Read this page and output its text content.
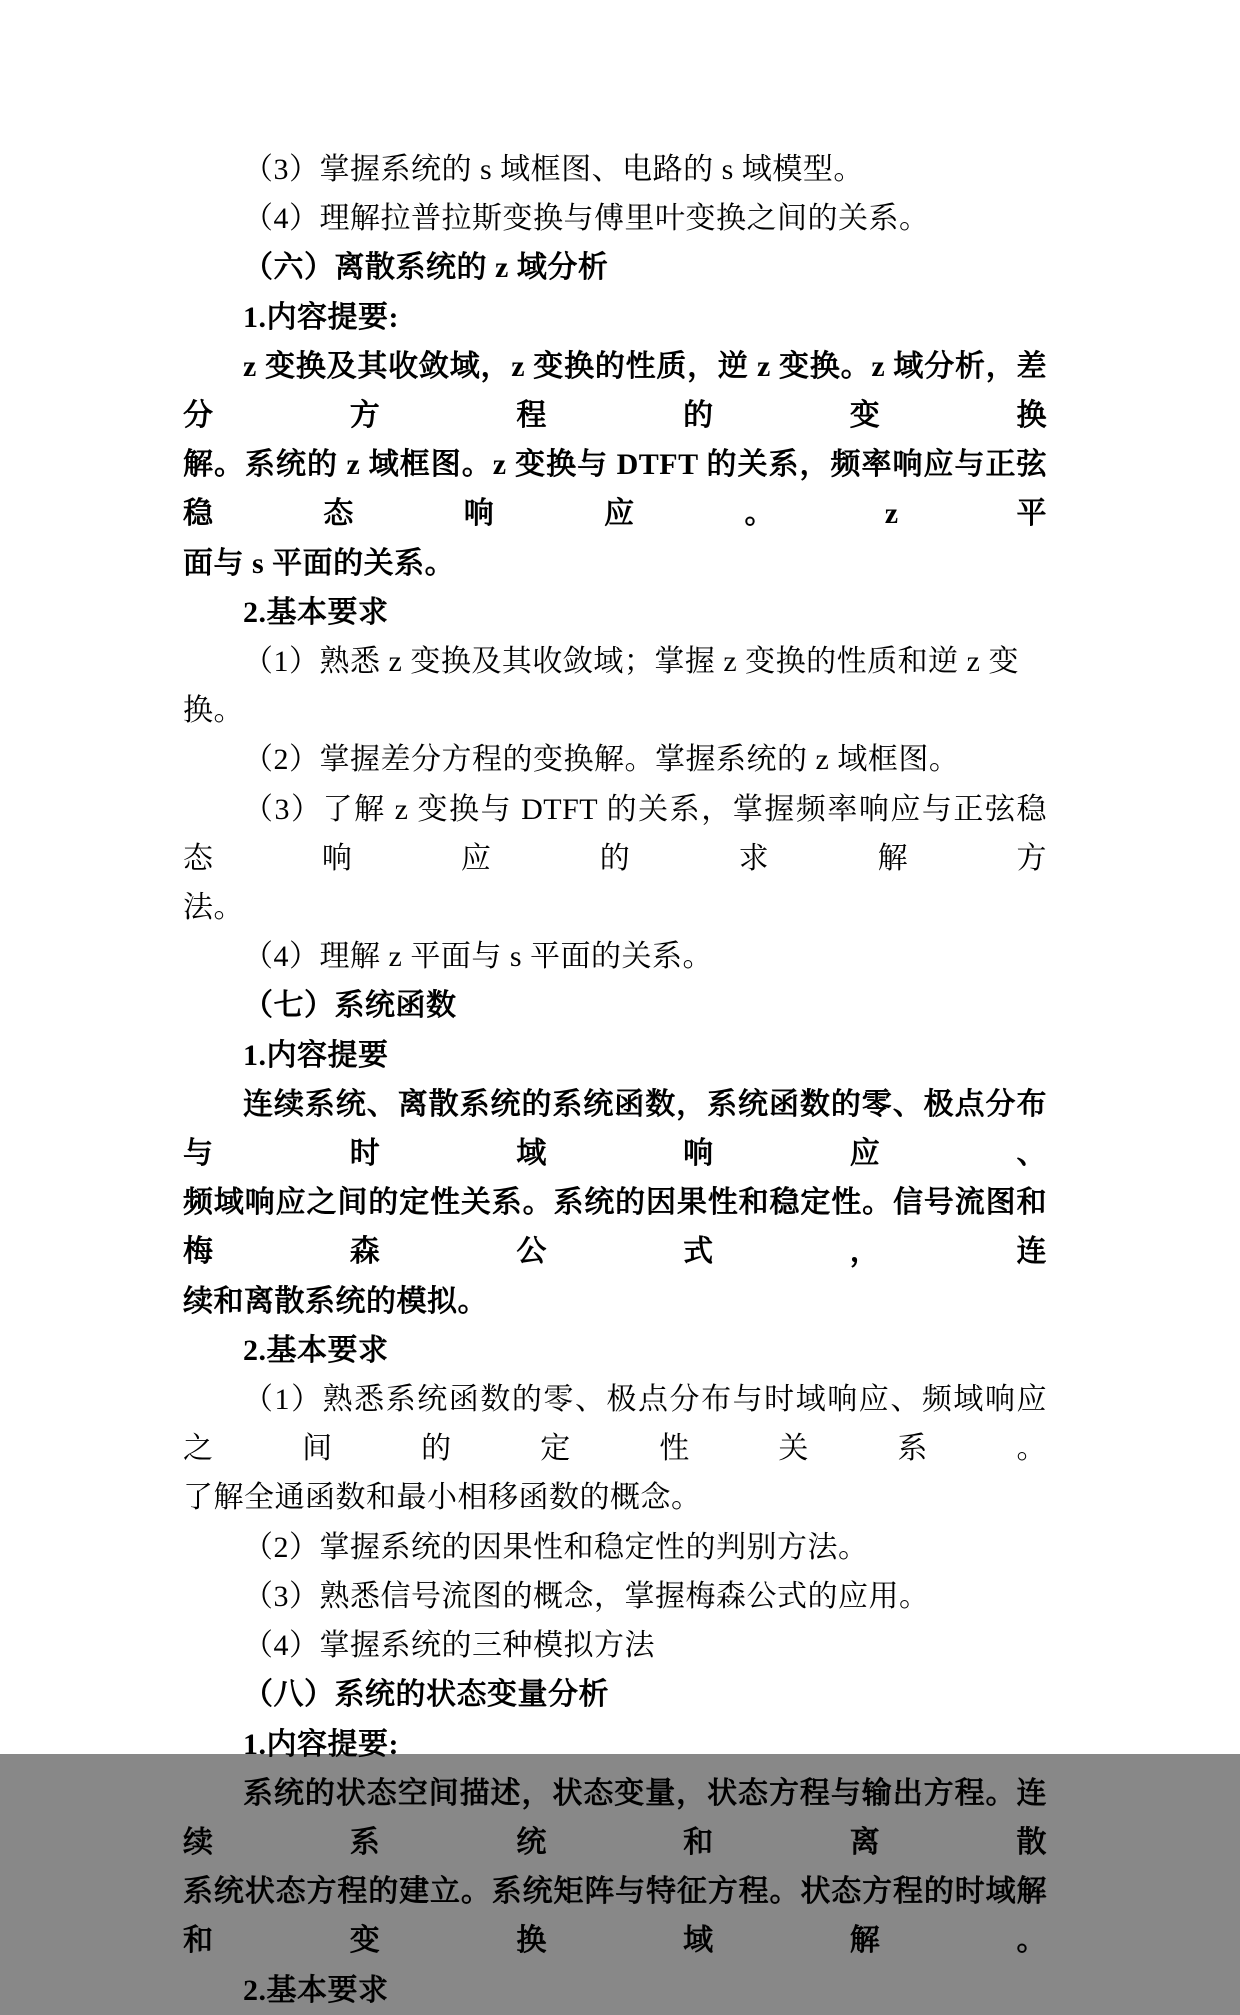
（3）掌握系统的 s 域框图、电路的 s 域模型。
（4）理解拉普拉斯变换与傅里叶变换之间的关系。
（六）离散系统的 z 域分析
1.内容提要:
z 变换及其收敛域，z 变换的性质，逆 z 变换。z 域分析，差分方程的变换
解。系统的 z 域框图。z 变换与 DTFT 的关系，频率响应与正弦稳态响应。z 平
面与 s 平面的关系。
2.基本要求
（1）熟悉 z 变换及其收敛域；掌握 z 变换的性质和逆 z 变换。
（2）掌握差分方程的变换解。掌握系统的 z 域框图。
（3）了解 z 变换与 DTFT 的关系，掌握频率响应与正弦稳态响应的求解方
法。
（4）理解 z 平面与 s 平面的关系。
（七）系统函数
1.内容提要
连续系统、离散系统的系统函数，系统函数的零、极点分布与时域响应、
频域响应之间的定性关系。系统的因果性和稳定性。信号流图和梅森公式，连
续和离散系统的模拟。
2.基本要求
（1）熟悉系统函数的零、极点分布与时域响应、频域响应之间的定性关系。
了解全通函数和最小相移函数的概念。
（2）掌握系统的因果性和稳定性的判别方法。
（3）熟悉信号流图的概念，掌握梅森公式的应用。
（4）掌握系统的三种模拟方法
（八）系统的状态变量分析
1.内容提要:
系统的状态空间描述，状态变量，状态方程与输出方程。连续系统和离散
系统状态方程的建立。系统矩阵与特征方程。状态方程的时域解和变换域解。
2.基本要求
